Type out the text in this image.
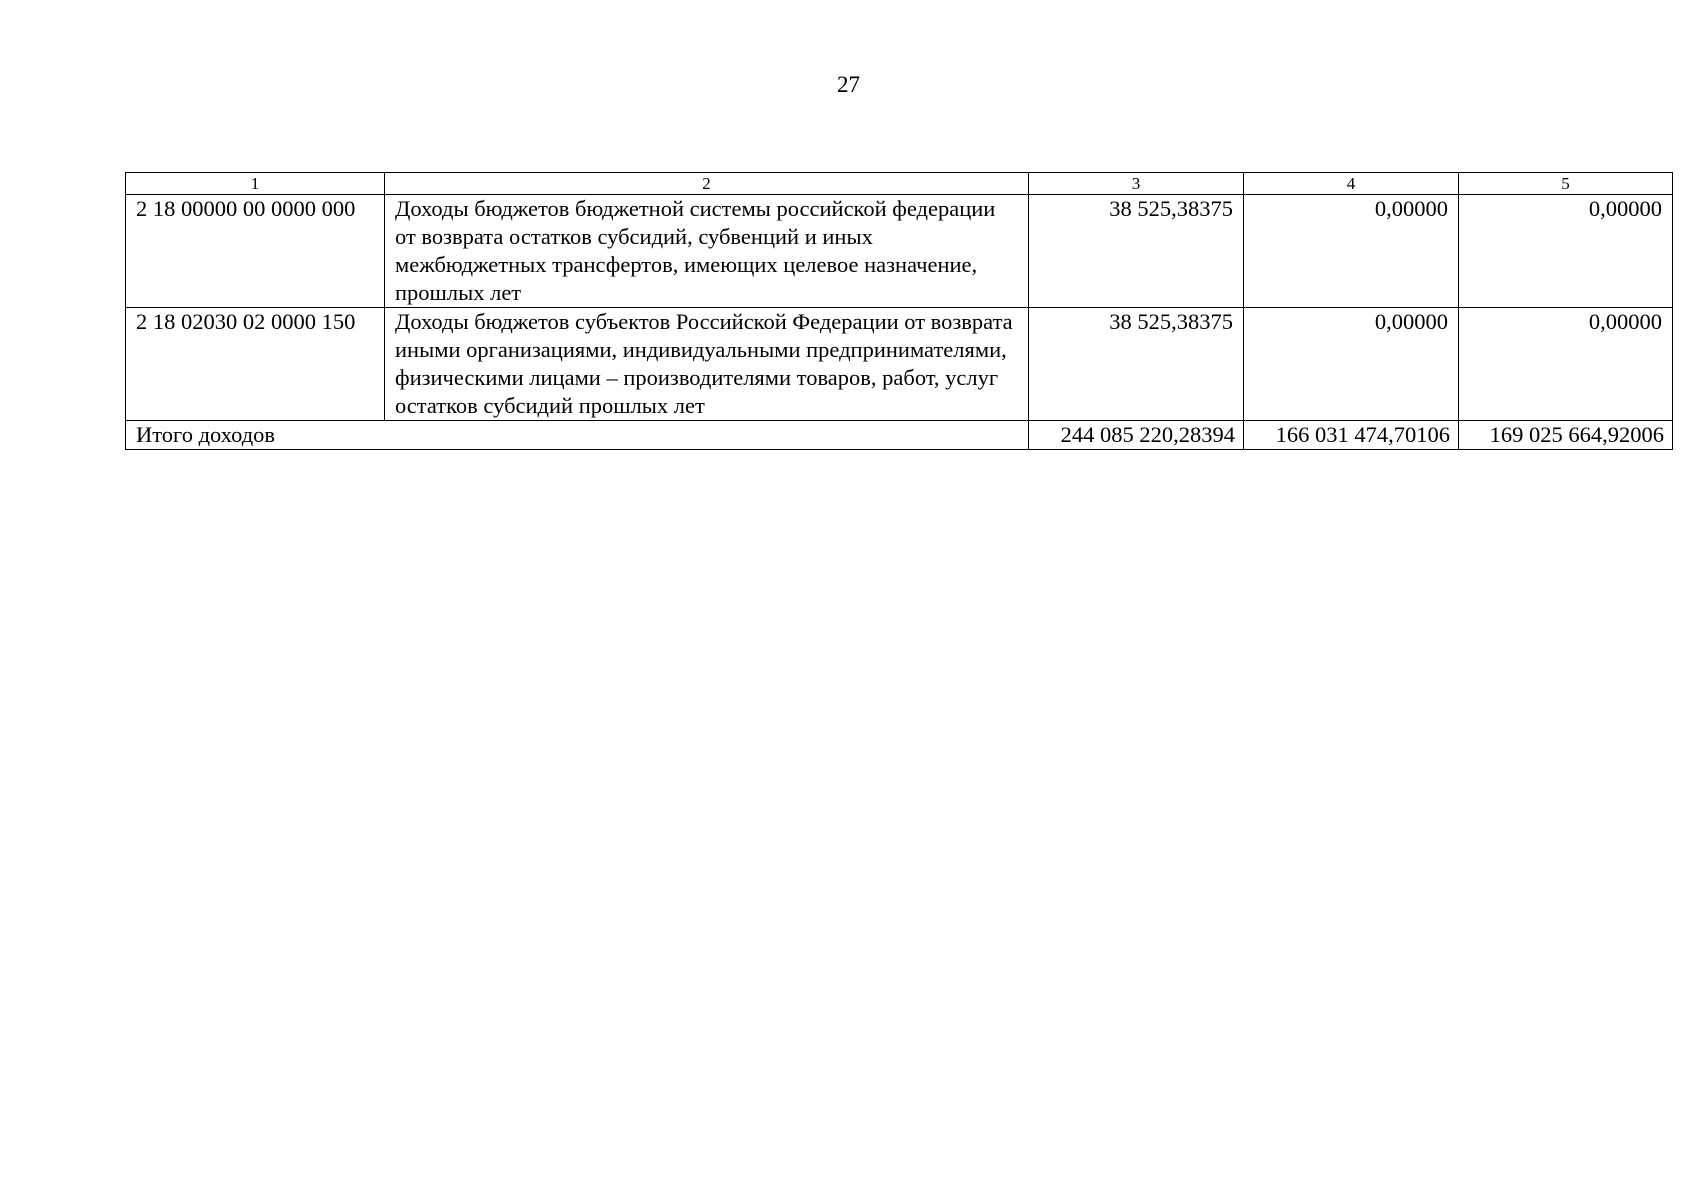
27
1	2	3	4	5
2 18 00000 00 0000 000	Доходы бюджетов бюджетной системы российской федерации от возврата остатков субсидий, субвенций и иных межбюджетных трансфертов, имеющих целевое назначение, прошлых лет	38 525,38375	0,00000	0,00000
2 18 02030 02 0000 150	Доходы бюджетов субъектов Российской Федерации от возврата иными организациями, индивидуальными предпринимателями, физическими лицами – производителями товаров, работ, услуг остатков субсидий прошлых лет	38 525,38375	0,00000	0,00000
Итого доходов		244 085 220,28394	166 031 474,70106	169 025 664,92006
